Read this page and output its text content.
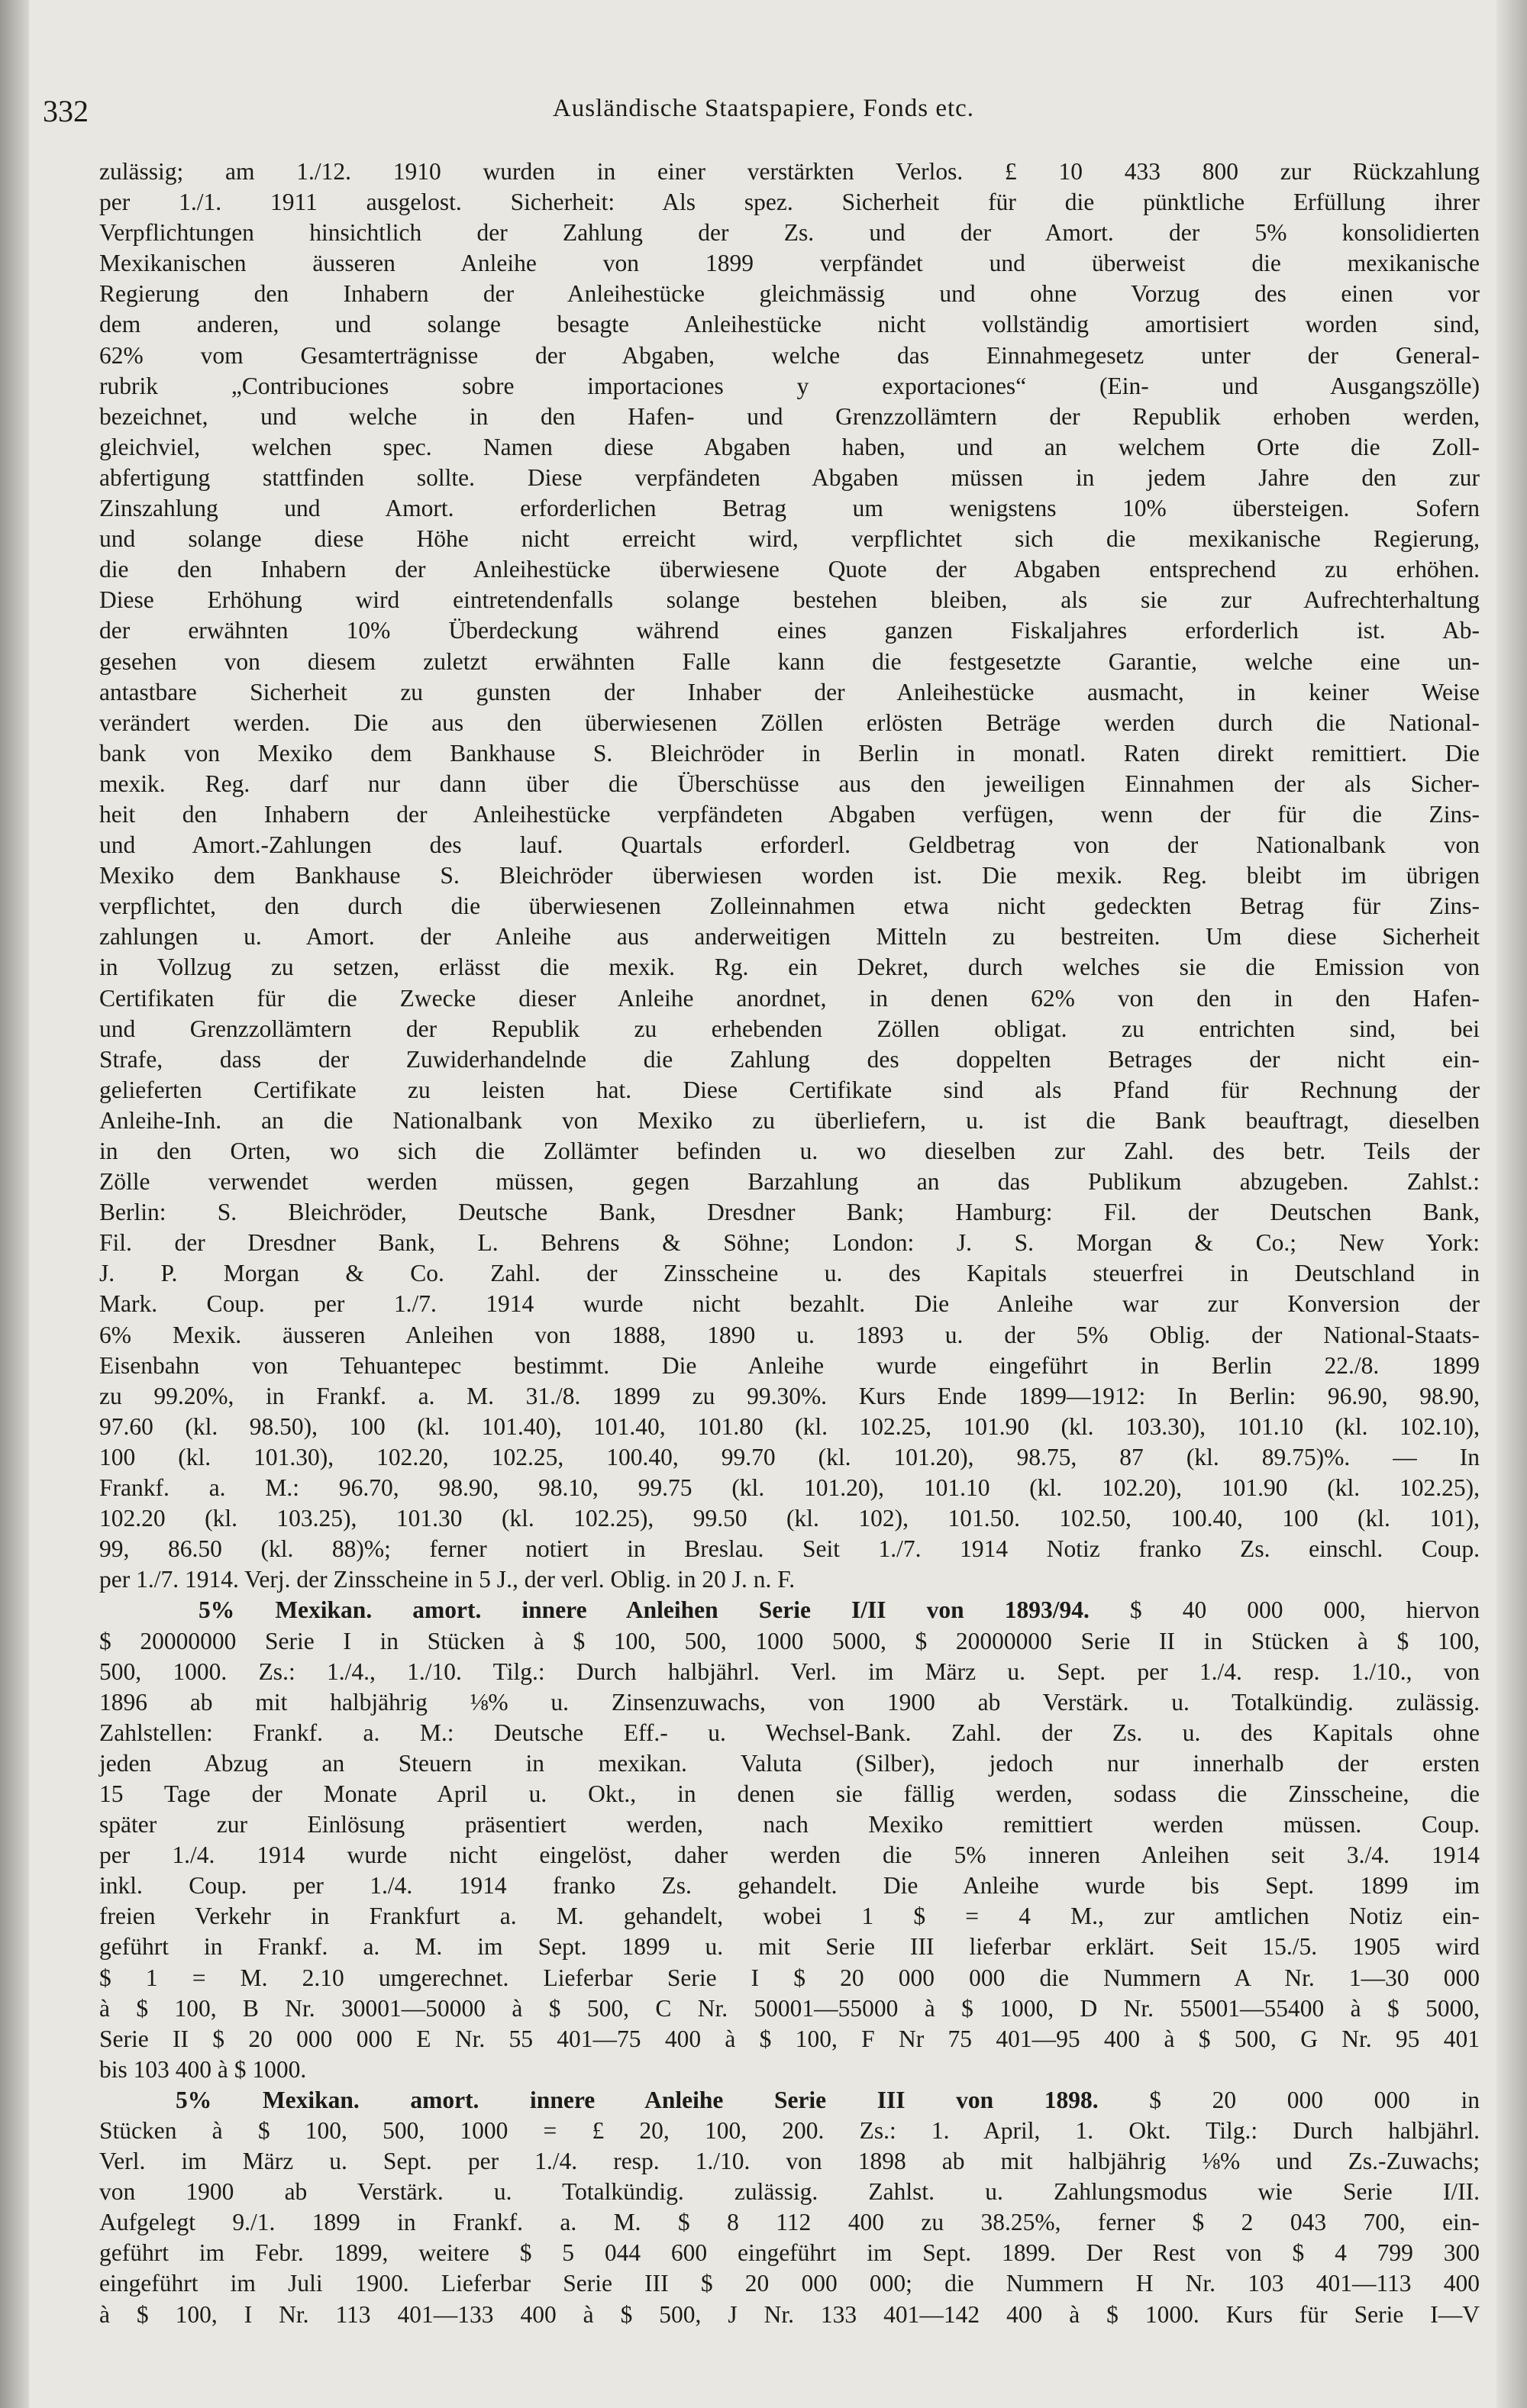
332	Ausländische Staatspapiere, Fonds etc.
zulässig; am 1./12. 1910 wurden in einer verstärkten Verlos. £ 10 433 800 zur Rückzahlung
per 1./1. 1911 ausgelost. Sicherheit: Als spez. Sicherheit für die pünktliche Erfüllung ihrer
Verpflichtungen hinsichtlich der Zahlung der Zs. und der Amort. der 5% konsolidierten
Mexikanischen äusseren Anleihe von 1899 verpfändet und überweist die mexikanische
Regierung den Inhabern der Anleihestücke gleichmässig und ohne Vorzug des einen vor
dem anderen, und solange besagte Anleihestücke nicht vollständig amortisiert worden sind,
62% vom Gesamterträgnisse der Abgaben, welche das Einnahmegesetz unter der General-
rubrik „Contribuciones sobre importaciones y exportaciones“ (Ein- und Ausgangszölle)
bezeichnet, und welche in den Hafen- und Grenzzollämtern der Republik erhoben werden,
gleichviel, welchen spec. Namen diese Abgaben haben, und an welchem Orte die Zoll-
abfertigung stattfinden sollte. Diese verpfändeten Abgaben müssen in jedem Jahre den zur
Zinszahlung und Amort. erforderlichen Betrag um wenigstens 10% übersteigen. Sofern
und solange diese Höhe nicht erreicht wird, verpflichtet sich die mexikanische Regierung,
die den Inhabern der Anleihestücke überwiesene Quote der Abgaben entsprechend zu erhöhen.
Diese Erhöhung wird eintretendenfalls solange bestehen bleiben, als sie zur Aufrechterhaltung
der erwähnten 10% Überdeckung während eines ganzen Fiskaljahres erforderlich ist. Ab-
gesehen von diesem zuletzt erwähnten Falle kann die festgesetzte Garantie, welche eine un-
antastbare Sicherheit zu gunsten der Inhaber der Anleihestücke ausmacht, in keiner Weise
verändert werden. Die aus den überwiesenen Zöllen erlösten Beträge werden durch die National-
bank von Mexiko dem Bankhause S. Bleichröder in Berlin in monatl. Raten direkt remittiert. Die
mexik. Reg. darf nur dann über die Überschüsse aus den jeweiligen Einnahmen der als Sicher-
heit den Inhabern der Anleihestücke verpfändeten Abgaben verfügen, wenn der für die Zins-
und Amort.-Zahlungen des lauf. Quartals erforderl. Geldbetrag von der Nationalbank von
Mexiko dem Bankhause S. Bleichröder überwiesen worden ist. Die mexik. Reg. bleibt im übrigen
verpflichtet, den durch die überwiesenen Zolleinnahmen etwa nicht gedeckten Betrag für Zins-
zahlungen u. Amort. der Anleihe aus anderweitigen Mitteln zu bestreiten. Um diese Sicherheit
in Vollzug zu setzen, erlässt die mexik. Rg. ein Dekret, durch welches sie die Emission von
Certifikaten für die Zwecke dieser Anleihe anordnet, in denen 62% von den in den Hafen-
und Grenzzollämtern der Republik zu erhebenden Zöllen obligat. zu entrichten sind, bei
Strafe, dass der Zuwiderhandelnde die Zahlung des doppelten Betrages der nicht ein-
gelieferten Certifikate zu leisten hat. Diese Certifikate sind als Pfand für Rechnung der
Anleihe-Inh. an die Nationalbank von Mexiko zu überliefern, u. ist die Bank beauftragt, dieselben
in den Orten, wo sich die Zollämter befinden u. wo dieselben zur Zahl. des betr. Teils der
Zölle verwendet werden müssen, gegen Barzahlung an das Publikum abzugeben. Zahlst.:
Berlin: S. Bleichröder, Deutsche Bank, Dresdner Bank; Hamburg: Fil. der Deutschen Bank,
Fil. der Dresdner Bank, L. Behrens & Söhne; London: J. S. Morgan & Co.; New York:
J. P. Morgan & Co. Zahl. der Zinsscheine u. des Kapitals steuerfrei in Deutschland in
Mark. Coup. per 1./7. 1914 wurde nicht bezahlt. Die Anleihe war zur Konversion der
6% Mexik. äusseren Anleihen von 1888, 1890 u. 1893 u. der 5% Oblig. der National-Staats-
Eisenbahn von Tehuantepec bestimmt. Die Anleihe wurde eingeführt in Berlin 22./8. 1899
zu 99.20%, in Frankf. a. M. 31./8. 1899 zu 99.30%. Kurs Ende 1899—1912: In Berlin: 96.90, 98.90,
97.60 (kl. 98.50), 100 (kl. 101.40), 101.40, 101.80 (kl. 102.25, 101.90 (kl. 103.30), 101.10 (kl. 102.10),
100 (kl. 101.30), 102.20, 102.25, 100.40, 99.70 (kl. 101.20), 98.75, 87 (kl. 89.75)%. — In
Frankf. a. M.: 96.70, 98.90, 98.10, 99.75 (kl. 101.20), 101.10 (kl. 102.20), 101.90 (kl. 102.25),
102.20 (kl. 103.25), 101.30 (kl. 102.25), 99.50 (kl. 102), 101.50. 102.50, 100.40, 100 (kl. 101),
99, 86.50 (kl. 88)%; ferner notiert in Breslau. Seit 1./7. 1914 Notiz franko Zs. einschl. Coup.
per 1./7. 1914. Verj. der Zinsscheine in 5 J., der verl. Oblig. in 20 J. n. F.
5% Mexikan. amort. innere Anleihen Serie I/II von 1893/94. $ 40 000 000, hiervon
$ 20000000 Serie I in Stücken à $ 100, 500, 1000 5000, $ 20000000 Serie II in Stücken à $ 100,
500, 1000. Zs.: 1./4., 1./10. Tilg.: Durch halbjährl. Verl. im März u. Sept. per 1./4. resp. 1./10., von
1896 ab mit halbjährig ⅛% u. Zinsenzuwachs, von 1900 ab Verstärk. u. Totalkündig. zulässig.
Zahlstellen: Frankf. a. M.: Deutsche Eff.- u. Wechsel-Bank. Zahl. der Zs. u. des Kapitals ohne
jeden Abzug an Steuern in mexikan. Valuta (Silber), jedoch nur innerhalb der ersten
15 Tage der Monate April u. Okt., in denen sie fällig werden, sodass die Zinsscheine, die
später zur Einlösung präsentiert werden, nach Mexiko remittiert werden müssen. Coup.
per 1./4. 1914 wurde nicht eingelöst, daher werden die 5% inneren Anleihen seit 3./4. 1914
inkl. Coup. per 1./4. 1914 franko Zs. gehandelt. Die Anleihe wurde bis Sept. 1899 im
freien Verkehr in Frankfurt a. M. gehandelt, wobei 1 $ = 4 M., zur amtlichen Notiz ein-
geführt in Frankf. a. M. im Sept. 1899 u. mit Serie III lieferbar erklärt. Seit 15./5. 1905 wird
$ 1 = M. 2.10 umgerechnet. Lieferbar Serie I $ 20 000 000 die Nummern A Nr. 1—30 000
à $ 100, B Nr. 30001—50000 à $ 500, C Nr. 50001—55000 à $ 1000, D Nr. 55001—55400 à $ 5000,
Serie II $ 20 000 000 E Nr. 55 401—75 400 à $ 100, F Nr 75 401—95 400 à $ 500, G Nr. 95 401
bis 103 400 à $ 1000.
5% Mexikan. amort. innere Anleihe Serie III von 1898. $ 20 000 000 in
Stücken à $ 100, 500, 1000 = £ 20, 100, 200. Zs.: 1. April, 1. Okt. Tilg.: Durch halbjährl.
Verl. im März u. Sept. per 1./4. resp. 1./10. von 1898 ab mit halbjährig ⅛% und Zs.-Zuwachs;
von 1900 ab Verstärk. u. Totalkündig. zulässig. Zahlst. u. Zahlungsmodus wie Serie I/II.
Aufgelegt 9./1. 1899 in Frankf. a. M. $ 8 112 400 zu 38.25%, ferner $ 2 043 700, ein-
geführt im Febr. 1899, weitere $ 5 044 600 eingeführt im Sept. 1899. Der Rest von $ 4 799 300
eingeführt im Juli 1900. Lieferbar Serie III $ 20 000 000; die Nummern H Nr. 103 401—113 400
à $ 100, I Nr. 113 401—133 400 à $ 500, J Nr. 133 401—142 400 à $ 1000. Kurs für Serie I—V
